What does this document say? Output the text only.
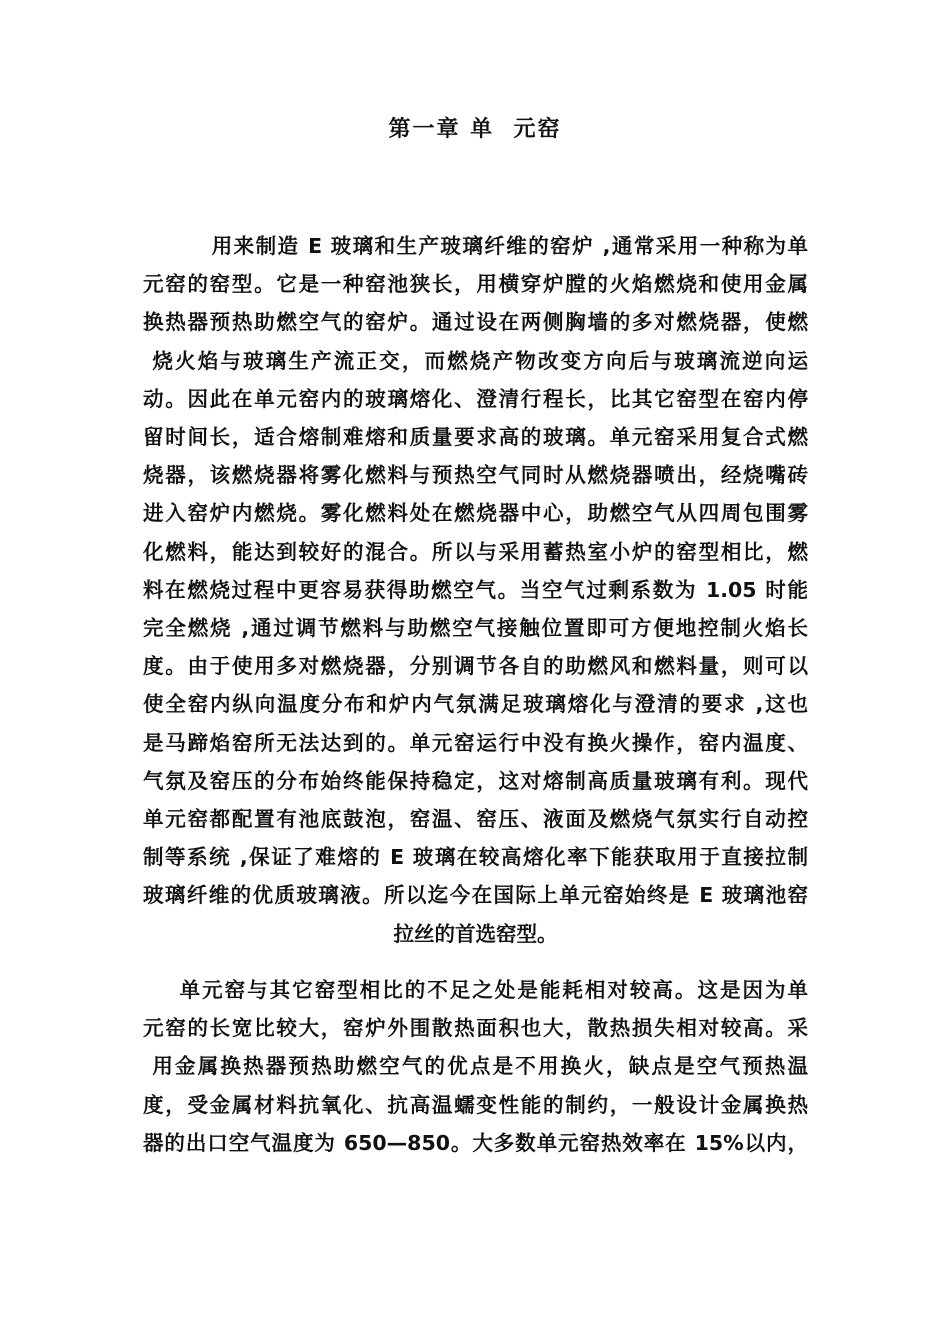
第一章 单  元窑
用来制造 E 玻璃和生产玻璃纤维的窑炉 ,通常采用一种称为单
元窑的窑型。它是一种窑池狭长，用横穿炉膛的火焰燃烧和使用金属
换热器预热助燃空气的窑炉。通过设在两侧胸墙的多对燃烧器，使燃
烧火焰与玻璃生产流正交，而燃烧产物改变方向后与玻璃流逆向运
动。因此在单元窑内的玻璃熔化、澄清行程长，比其它窑型在窑内停
留时间长，适合熔制难熔和质量要求高的玻璃。单元窑采用复合式燃
烧器，该燃烧器将雾化燃料与预热空气同时从燃烧器喷出，经烧嘴砖
进入窑炉内燃烧。雾化燃料处在燃烧器中心，助燃空气从四周包围雾
化燃料，能达到较好的混合。所以与采用蓄热室小炉的窑型相比，燃
料在燃烧过程中更容易获得助燃空气。当空气过剩系数为 1.05 时能
完全燃烧 ,通过调节燃料与助燃空气接触位置即可方便地控制火焰长
度。由于使用多对燃烧器，分别调节各自的助燃风和燃料量，则可以
使全窑内纵向温度分布和炉内气氛满足玻璃熔化与澄清的要求 ,这也
是马蹄焰窑所无法达到的。单元窑运行中没有换火操作，窑内温度、
气氛及窑压的分布始终能保持稳定，这对熔制高质量玻璃有利。现代
单元窑都配置有池底鼓泡，窑温、窑压、液面及燃烧气氛实行自动控
制等系统 ,保证了难熔的 E 玻璃在较高熔化率下能获取用于直接拉制
玻璃纤维的优质玻璃液。所以迄今在国际上单元窑始终是 E 玻璃池窑
拉丝的首选窑型。
单元窑与其它窑型相比的不足之处是能耗相对较高。这是因为单
元窑的长宽比较大，窑炉外围散热面积也大，散热损失相对较高。采
用金属换热器预热助燃空气的优点是不用换火，缺点是空气预热温
度，受金属材料抗氧化、抗高温蠕变性能的制约，一般设计金属换热
器的出口空气温度为 650—850。大多数单元窑热效率在 15%以内，
